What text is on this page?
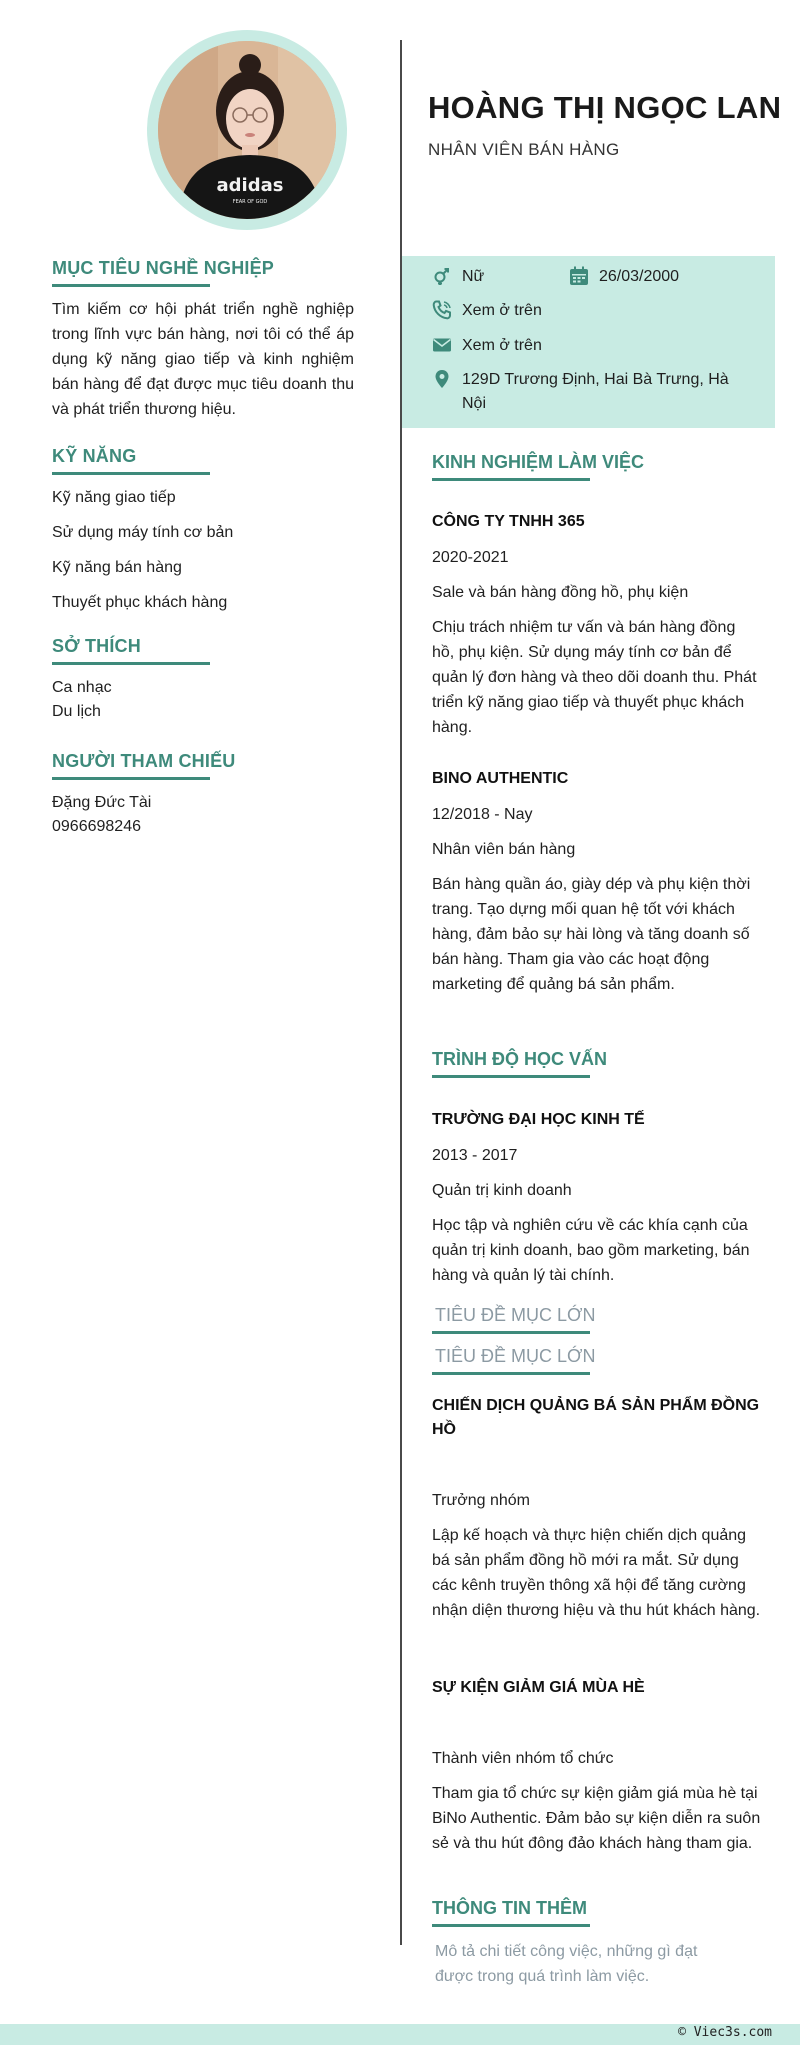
adidas
FEAR OF GOD
MỤC TIÊU NGHỀ NGHIỆP

Tìm kiếm cơ hội phát triển nghề nghiệp trong lĩnh vực bán hàng, nơi tôi có thể áp dụng kỹ năng giao tiếp và kinh nghiệm bán hàng để đạt được mục tiêu doanh thu và phát triển thương hiệu.

KỸ NĂNG
Kỹ năng giao tiếp
Sử dụng máy tính cơ bản
Kỹ năng bán hàng
Thuyết phục khách hàng
SỞ THÍCH
Ca nhạc
Du lịch
NGƯỜI THAM CHIẾU
Đặng Đức Tài
0966698246
HOÀNG THỊ NGỌC LAN
NHÂN VIÊN BÁN HÀNG
Nữ	26/03/2000
Xem ở trên
Xem ở trên
129D Trương Định, Hai Bà Trưng, Hà Nội
KINH NGHIỆM LÀM VIỆC
CÔNG TY TNHH 365
2020-2021
Sale và bán hàng đồng hồ, phụ kiện
Chịu trách nhiệm tư vấn và bán hàng đồng hồ, phụ kiện. Sử dụng máy tính cơ bản để quản lý đơn hàng và theo dõi doanh thu. Phát triển kỹ năng giao tiếp và thuyết phục khách hàng.
BINO AUTHENTIC
12/2018 - Nay
Nhân viên bán hàng
Bán hàng quần áo, giày dép và phụ kiện thời trang. Tạo dựng mối quan hệ tốt với khách hàng, đảm bảo sự hài lòng và tăng doanh số bán hàng. Tham gia vào các hoạt động marketing để quảng bá sản phẩm.
TRÌNH ĐỘ HỌC VẤN
TRƯỜNG ĐẠI HỌC KINH TẾ
2013 - 2017
Quản trị kinh doanh
Học tập và nghiên cứu về các khía cạnh của quản trị kinh doanh, bao gồm marketing, bán hàng và quản lý tài chính.
TIÊU ĐỀ MỤC LỚN
TIÊU ĐỀ MỤC LỚN
CHIẾN DỊCH QUẢNG BÁ SẢN PHẨM ĐỒNG HỒ
Trưởng nhóm
Lập kế hoạch và thực hiện chiến dịch quảng bá sản phẩm đồng hồ mới ra mắt. Sử dụng các kênh truyền thông xã hội để tăng cường nhận diện thương hiệu và thu hút khách hàng.
SỰ KIỆN GIẢM GIÁ MÙA HÈ
Thành viên nhóm tổ chức
Tham gia tổ chức sự kiện giảm giá mùa hè tại BiNo Authentic. Đảm bảo sự kiện diễn ra suôn sẻ và thu hút đông đảo khách hàng tham gia.
THÔNG TIN THÊM
Mô tả chi tiết công việc, những gì đạt được trong quá trình làm việc.
© Viec3s.com
